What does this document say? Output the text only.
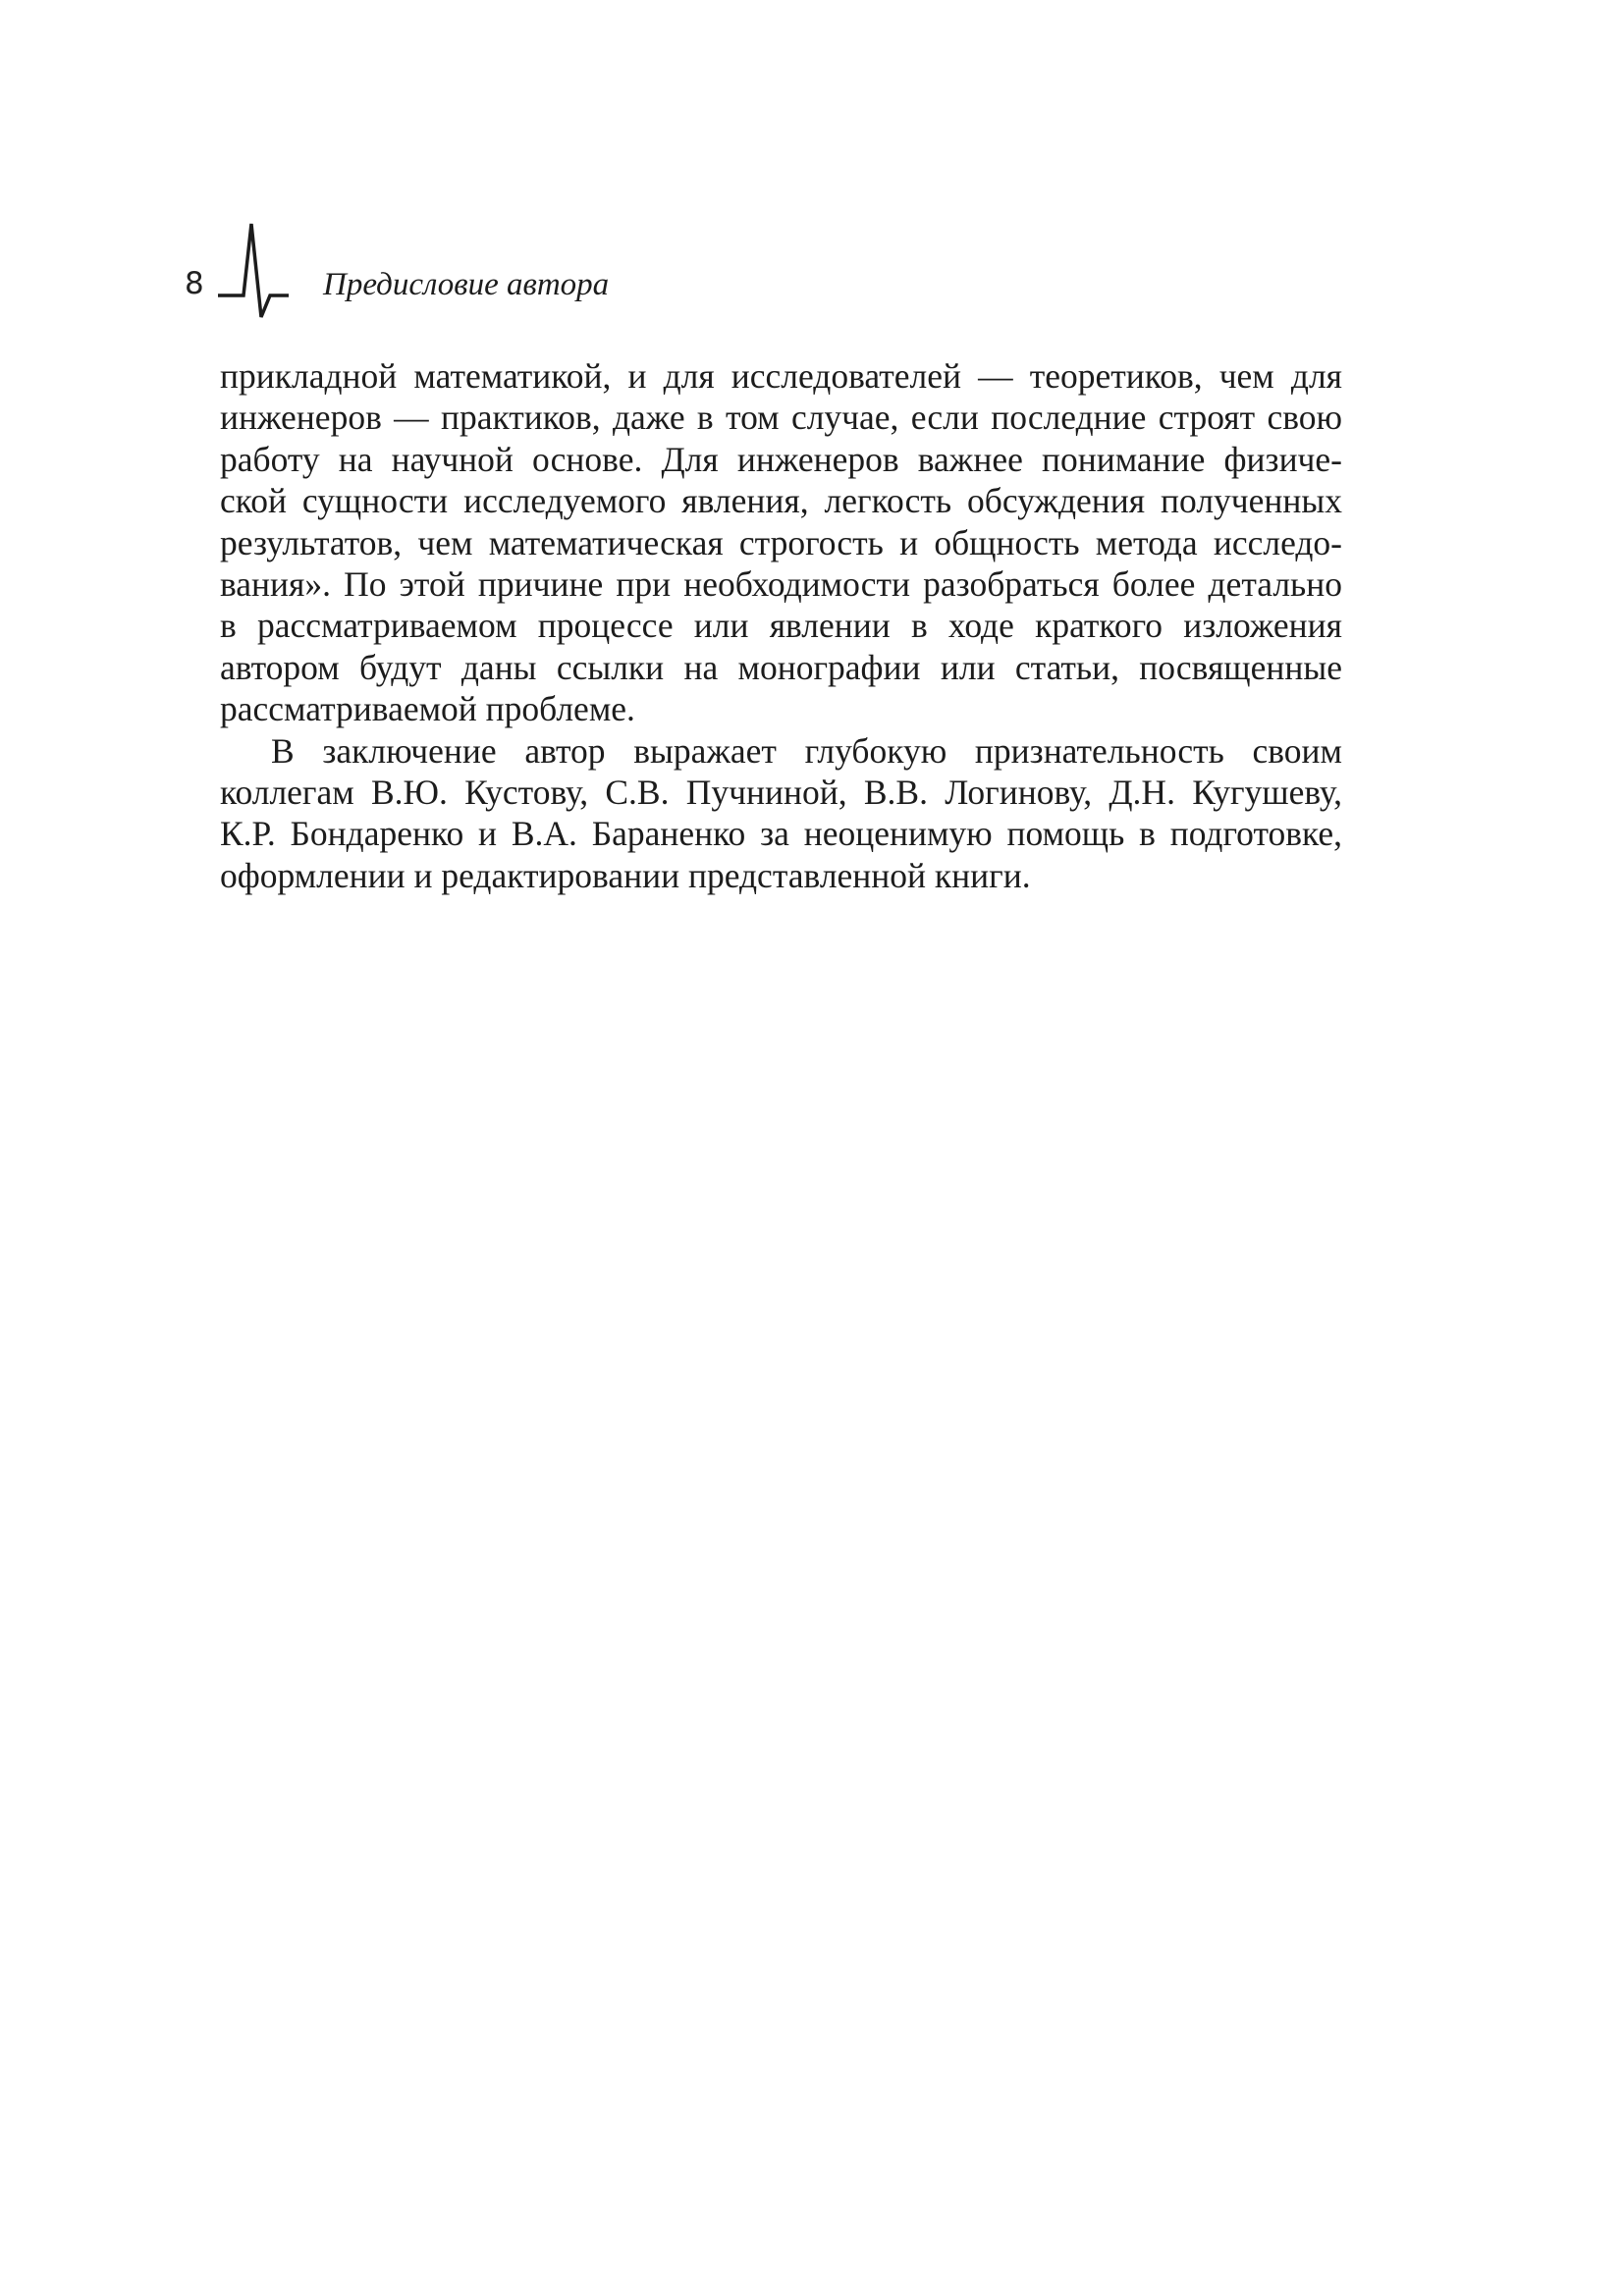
8	Предисловие автора

прикладной математикой, и для исследователей — теоретиков, чем для
инженеров — практиков, даже в том случае, если последние строят свою
работу на научной основе. Для инженеров важнее понимание физиче-
ской сущности исследуемого явления, легкость обсуждения полученных
результатов, чем математическая строгость и общность метода исследо-
вания». По этой причине при необходимости разобраться более детально
в рассматриваемом процессе или явлении в ходе краткого изложения
автором будут даны ссылки на монографии или статьи, посвященные
рассматриваемой проблеме.

В заключение автор выражает глубокую признательность своим
коллегам В.Ю. Кустову, С.В. Пучниной, В.В. Логинову, Д.Н. Кугушеву,
К.Р. Бондаренко и В.А. Бараненко за неоценимую помощь в подготовке,
оформлении и редактировании представленной книги.
